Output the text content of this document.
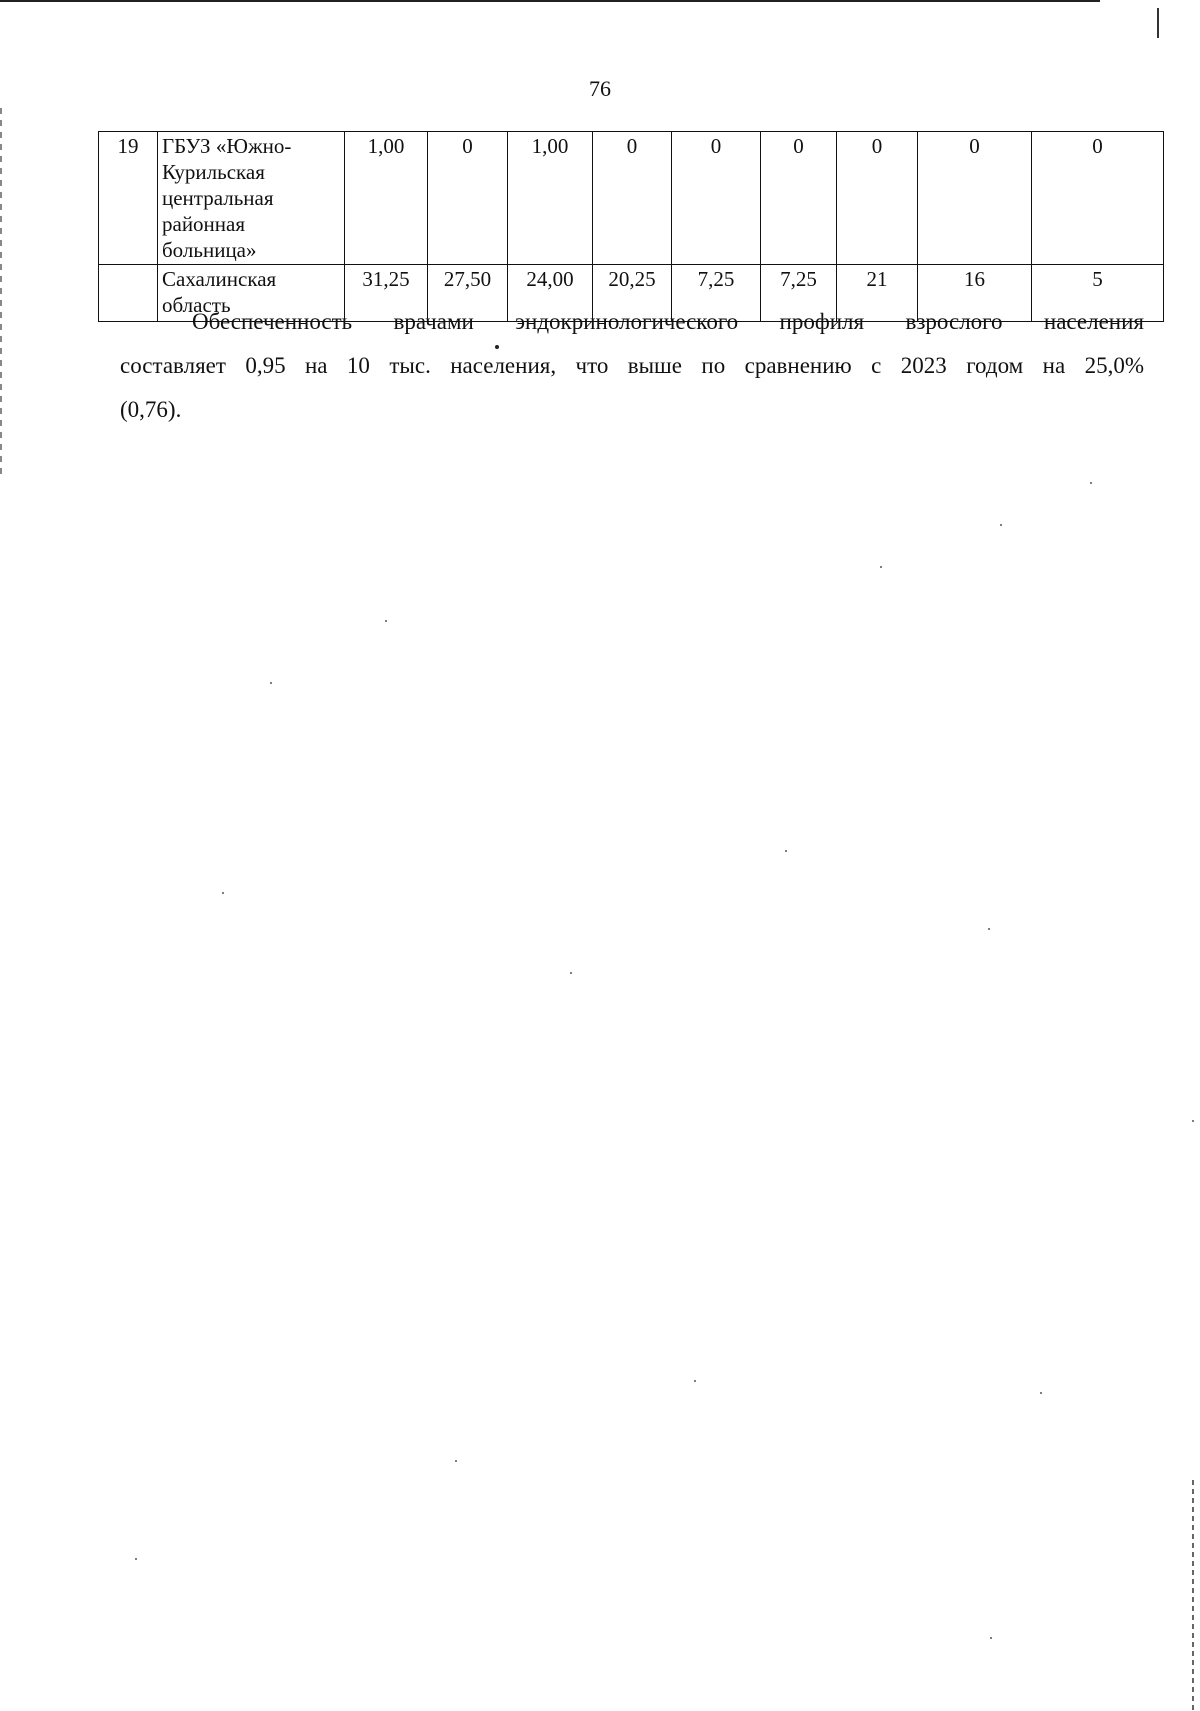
76
19	ГБУЗ «Южно-Курильская центральная районная больница»	1,00	0	1,00	0	0	0	0	0	0
	Сахалинская область	31,25	27,50	24,00	20,25	7,25	7,25	21	16	5
Обеспеченность врачами эндокринологического профиля взрослого населения
составляет 0,95 на 10 тыс. населения, что выше по сравнению с 2023 годом на 25,0%
(0,76).
